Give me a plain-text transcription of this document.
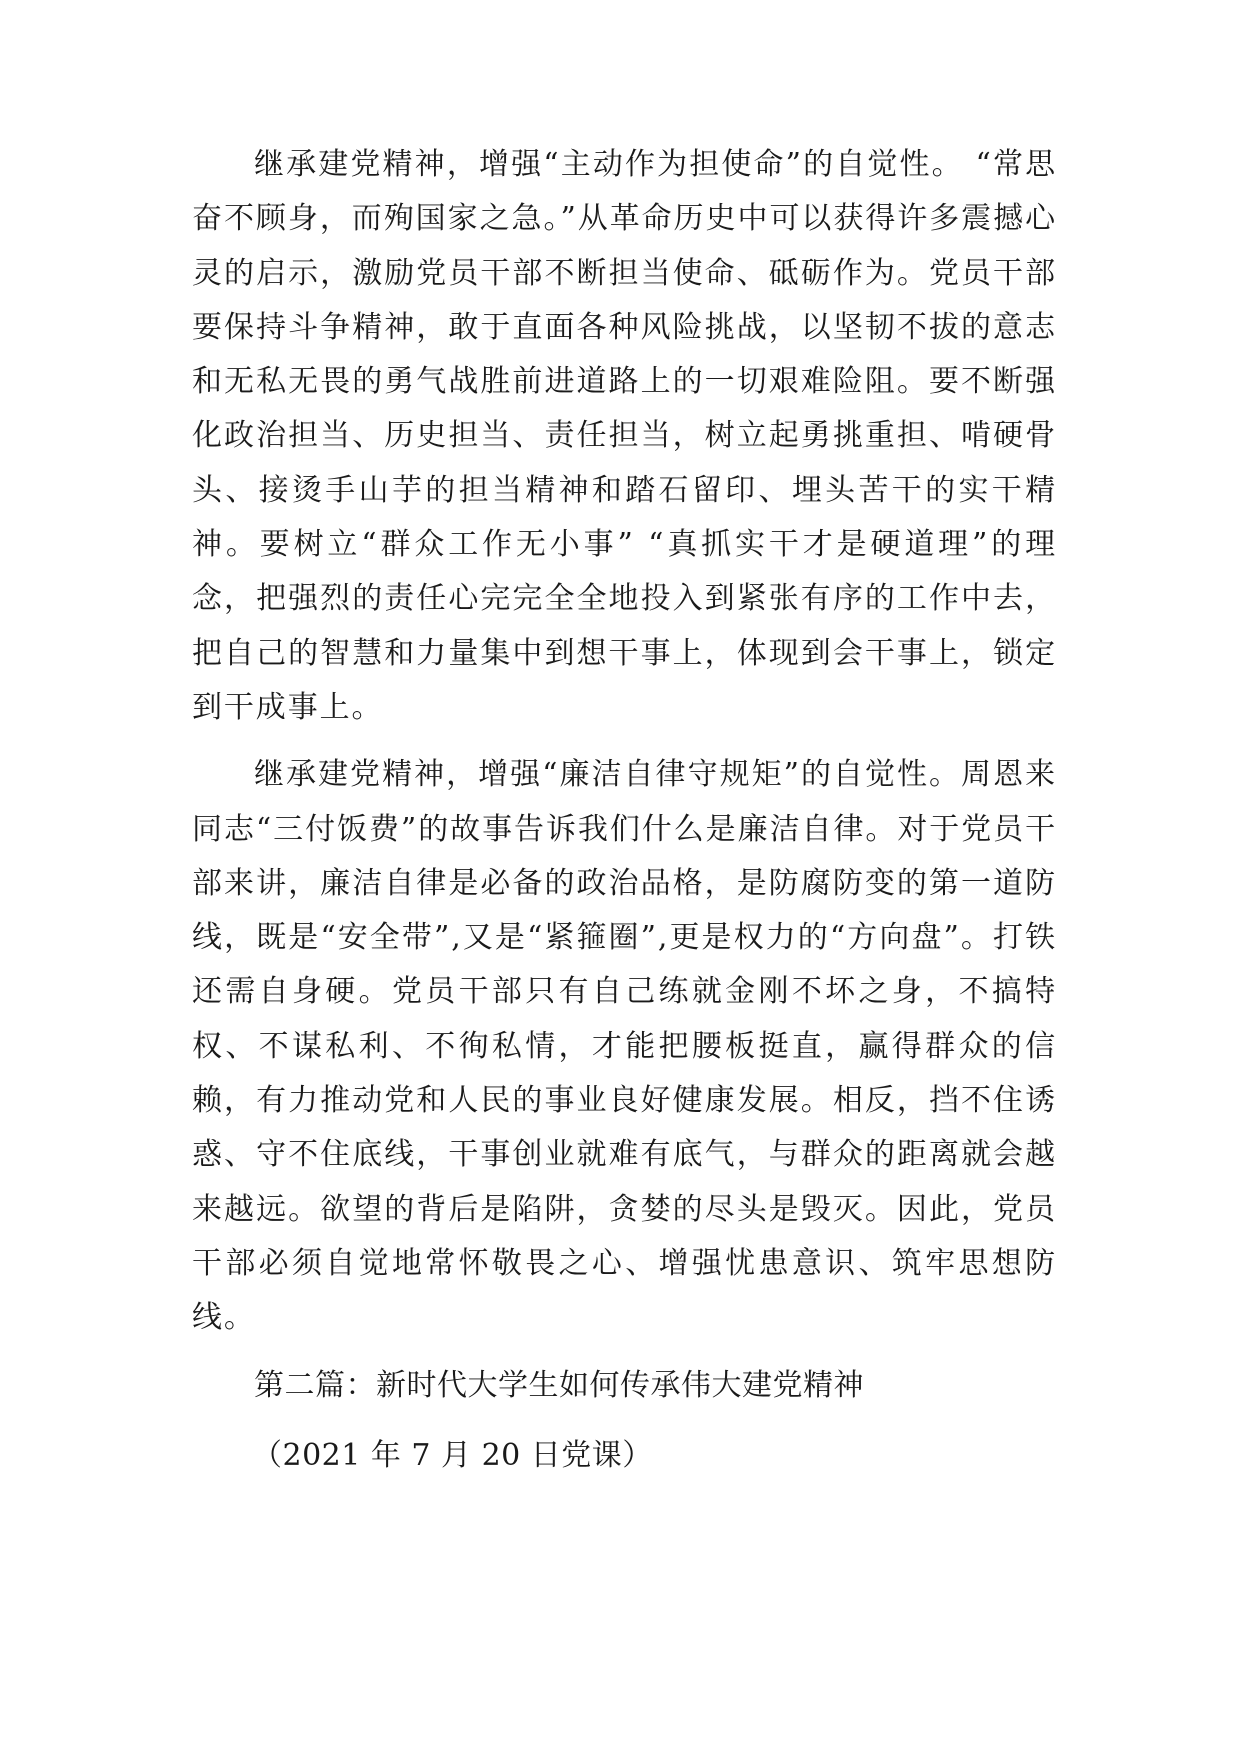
继承建党精神，增强“主动作为担使命”的自觉性。 “常思奋不顾身，而殉国家之急。”从革命历史中可以获得许多震撼心灵的启示，激励党员干部不断担当使命、砥砺作为。党员干部要保持斗争精神，敢于直面各种风险挑战，以坚韧不拔的意志和无私无畏的勇气战胜前进道路上的一切艰难险阻。要不断强化政治担当、历史担当、责任担当，树立起勇挑重担、啃硬骨头、接烫手山芋的担当精神和踏石留印、埋头苦干的实干精神。要树立“群众工作无小事” “真抓实干才是硬道理”的理念，把强烈的责任心完完全全地投入到紧张有序的工作中去，把自己的智慧和力量集中到想干事上，体现到会干事上，锁定到干成事上。

继承建党精神，增强“廉洁自律守规矩”的自觉性。周恩来同志“三付饭费”的故事告诉我们什么是廉洁自律。对于党员干部来讲，廉洁自律是必备的政治品格，是防腐防变的第一道防线，既是“安全带”,又是“紧箍圈”,更是权力的“方向盘”。打铁还需自身硬。党员干部只有自己练就金刚不坏之身，不搞特权、不谋私利、不徇私情，才能把腰板挺直，赢得群众的信赖，有力推动党和人民的事业良好健康发展。相反，挡不住诱惑、守不住底线，干事创业就难有底气，与群众的距离就会越来越远。欲望的背后是陷阱，贪婪的尽头是毁灭。因此，党员干部必须自觉地常怀敬畏之心、增强忧患意识、筑牢思想防线。

第二篇：新时代大学生如何传承伟大建党精神

（2021 年 7 月 20 日党课）
